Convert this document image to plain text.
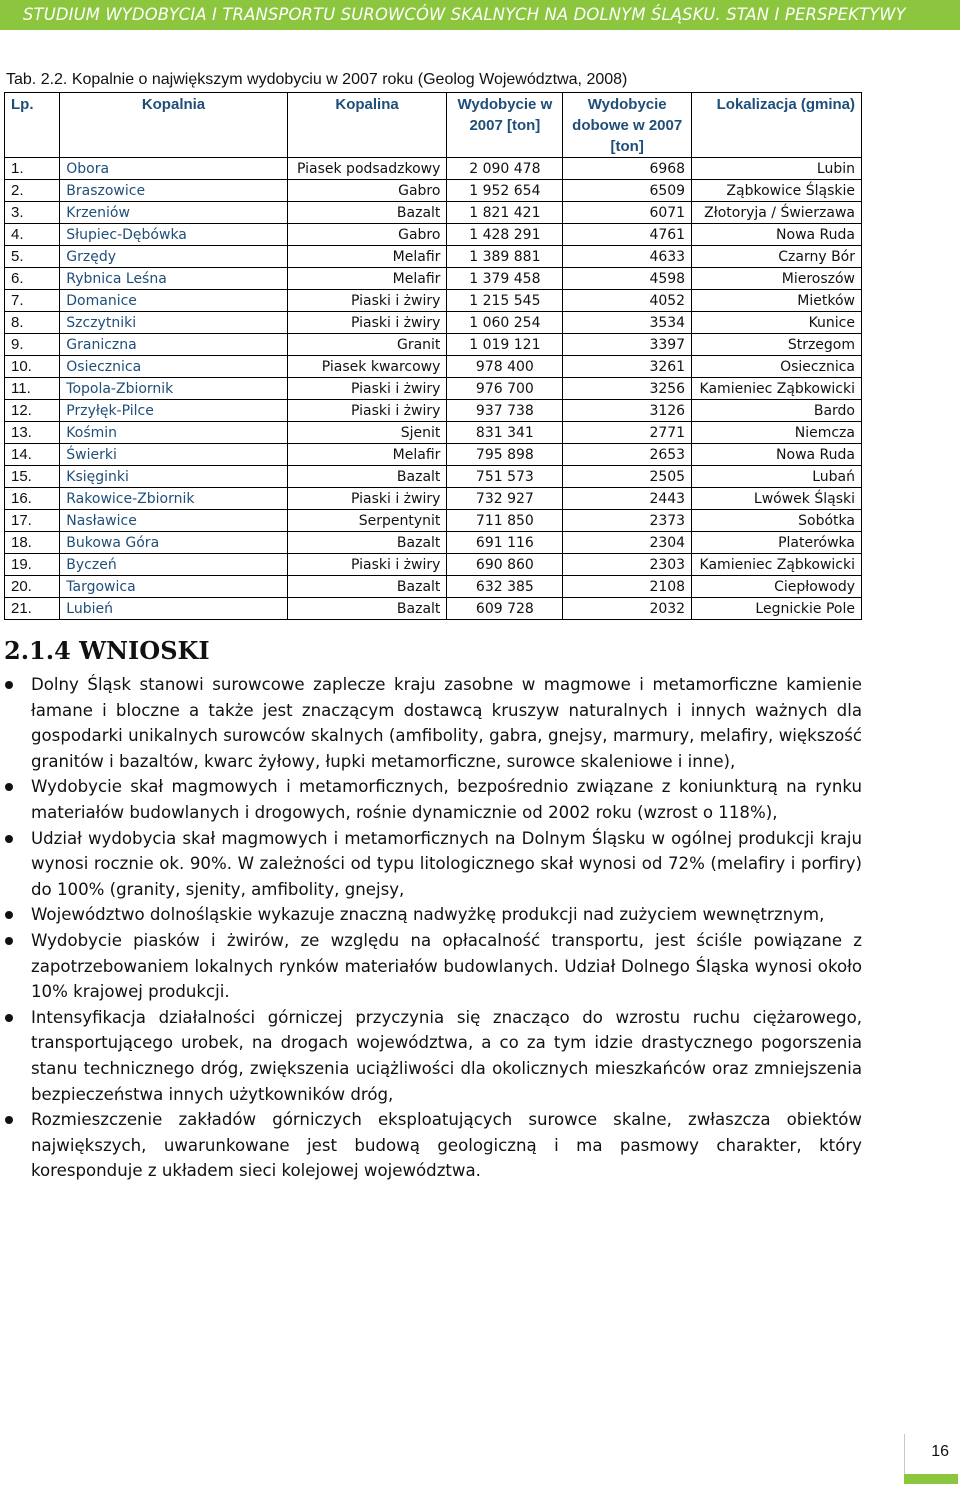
STUDIUM WYDOBYCIA I TRANSPORTU SUROWCÓW SKALNYCH NA DOLNYM ŚLĄSKU. STAN I PERSPEKTYWY
Tab. 2.2. Kopalnie o największym wydobyciu w 2007 roku (Geolog Województwa, 2008)
Lp.	Kopalnia	Kopalina	Wydobycie w 2007 [ton]	Wydobycie dobowe w 2007 [ton]	Lokalizacja (gmina)
1.	Obora	Piasek podsadzkowy	2 090 478	6968	Lubin
2.	Braszowice	Gabro	1 952 654	6509	Ząbkowice Śląskie
3.	Krzeniów	Bazalt	1 821 421	6071	Złotoryja / Świerzawa
4.	Słupiec-Dębówka	Gabro	1 428 291	4761	Nowa Ruda
5.	Grzędy	Melafir	1 389 881	4633	Czarny Bór
6.	Rybnica Leśna	Melafir	1 379 458	4598	Mieroszów
7.	Domanice	Piaski i żwiry	1 215 545	4052	Mietków
8.	Szczytniki	Piaski i żwiry	1 060 254	3534	Kunice
9.	Graniczna	Granit	1 019 121	3397	Strzegom
10.	Osiecznica	Piasek kwarcowy	978 400	3261	Osiecznica
11.	Topola-Zbiornik	Piaski i żwiry	976 700	3256	Kamieniec Ząbkowicki
12.	Przyłęk-Pilce	Piaski i żwiry	937 738	3126	Bardo
13.	Kośmin	Sjenit	831 341	2771	Niemcza
14.	Świerki	Melafir	795 898	2653	Nowa Ruda
15.	Księginki	Bazalt	751 573	2505	Lubań
16.	Rakowice-Zbiornik	Piaski i żwiry	732 927	2443	Lwówek Śląski
17.	Nasławice	Serpentynit	711 850	2373	Sobótka
18.	Bukowa Góra	Bazalt	691 116	2304	Platerówka
19.	Byczeń	Piaski i żwiry	690 860	2303	Kamieniec Ząbkowicki
20.	Targowica	Bazalt	632 385	2108	Ciepłowody
21.	Lubień	Bazalt	609 728	2032	Legnickie Pole
2.1.4 WNIOSKI
Dolny Śląsk stanowi surowcowe zaplecze kraju zasobne w magmowe i metamorficzne kamienie łamane i bloczne a także jest znaczącym dostawcą kruszyw naturalnych i innych ważnych dla gospodarki unikalnych surowców skalnych (amfibolity, gabra, gnejsy, marmury, melafiry, większość granitów i bazaltów, kwarc żyłowy, łupki metamorficzne, surowce skaleniowe i inne),
Wydobycie skał magmowych i metamorficznych, bezpośrednio związane z koniunkturą na rynku materiałów budowlanych i drogowych, rośnie dynamicznie od 2002 roku (wzrost o 118%),
Udział wydobycia skał magmowych i metamorficznych na Dolnym Śląsku w ogólnej produkcji kraju wynosi rocznie ok. 90%. W zależności od typu litologicznego skał wynosi od 72% (melafiry i porfiry) do 100% (granity, sjenity, amfibolity, gnejsy,
Województwo dolnośląskie wykazuje znaczną nadwyżkę produkcji nad zużyciem wewnętrznym,
Wydobycie piasków i żwirów, ze względu na opłacalność transportu, jest ściśle powiązane z zapotrzebowaniem lokalnych rynków materiałów budowlanych. Udział Dolnego Śląska wynosi około 10% krajowej produkcji.
Intensyfikacja działalności górniczej przyczynia się znacząco do wzrostu ruchu ciężarowego, transportującego urobek, na drogach województwa, a co za tym idzie drastycznego pogorszenia stanu technicznego dróg, zwiększenia uciążliwości dla okolicznych mieszkańców oraz zmniejszenia bezpieczeństwa innych użytkowników dróg,
Rozmieszczenie zakładów górniczych eksploatujących surowce skalne, zwłaszcza obiektów największych, uwarunkowane jest budową geologiczną i ma pasmowy charakter, który koresponduje z układem sieci kolejowej województwa.
16
